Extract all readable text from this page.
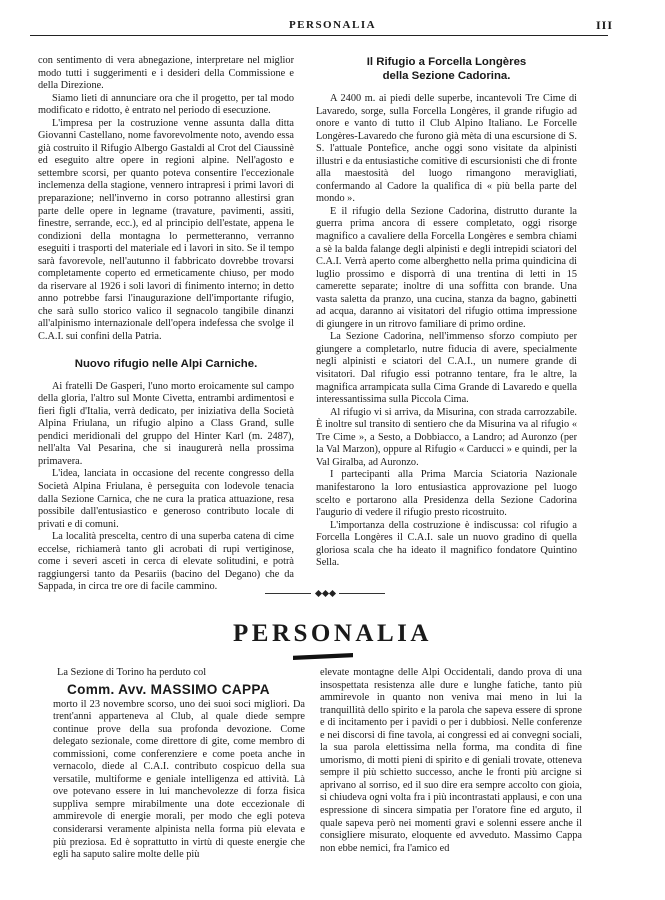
PERSONALIA	III

con sentimento di vera abnegazione, interpretare nel miglior modo tutti i suggerimenti e i desideri della Commissione e della Direzione.

Siamo lieti di annunciare ora che il progetto, per tal modo modificato e ridotto, è entrato nel periodo di esecuzione.

L'impresa per la costruzione venne assunta dalla ditta Giovanni Castellano, nome favorevolmente noto, avendo essa già costruito il Rifugio Albergo Gastaldi al Crot del Ciaussinè ed eseguito altre opere in regioni alpine. Nell'agosto e settembre scorsi, per quanto poteva consentire l'eccezionale inclemenza della stagione, vennero intrapresi i primi lavori di preparazione; nell'inverno in corso potranno allestirsi gran parte delle opere in legname (travature, pavimenti, assiti, finestre, serrande, ecc.), ed al principio dell'estate, appena le condizioni della montagna lo permetteranno, verranno eseguiti i trasporti del materiale ed i lavori in sito. Se il tempo sarà favorevole, nell'autunno il fabbricato dovrebbe trovarsi completamente coperto ed ermeticamente chiuso, per modo da riservare al 1926 i soli lavori di finimento interno; in detto anno potrebbe farsi l'inaugurazione dell'importante rifugio, che sarà sullo storico valico il segnacolo tangibile dinanzi all'alpinismo internazionale dell'opera indefessa che svolge il C.A.I. sui confini della Patria.

Nuovo rifugio nelle Alpi Carniche.

Ai fratelli De Gasperi, l'uno morto eroicamente sul campo della gloria, l'altro sul Monte Civetta, entrambi ardimentosi e fieri figli d'Italia, verrà dedicato, per iniziativa della Società Alpina Friulana, un rifugio alpino a Class Grand, sulle pendici meridionali del gruppo del Hinter Karl (m. 2487), nell'alta Val Pesarina, che si inaugurerà nella prossima primavera.

L'idea, lanciata in occasione del recente congresso della Società Alpina Friulana, è perseguita con lodevole tenacia dalla Sezione Carnica, che ne cura la pratica attuazione, resa possibile dall'entusiastico e generoso contributo locale di privati e di comuni.

La località prescelta, centro di una superba catena di cime eccelse, richiamerà tanto gli acrobati di rupi vertiginose, come i severi asceti in cerca di elevate solitudini, e potrà raggiungersi tanto da Pesariis (bacino del Degano) che da Sappada, in circa tre ore di facile cammino.

Il Rifugio a Forcella Longères
della Sezione Cadorina.

A 2400 m. ai piedi delle superbe, incantevoli Tre Cime di Lavaredo, sorge, sulla Forcella Longères, il grande rifugio ad onore e vanto di tutto il Club Alpino Italiano. Le Forcelle Longères-Lavaredo che furono già mèta di una escursione di S. S. l'attuale Pontefice, anche oggi sono visitate da alpinisti illustri e da entusiastiche comitive di escursionisti che di fronte alla maestosità del luogo rimangono meravigliati, confermando al Cadore la qualifica di « più bella parte del mondo ».

E il rifugio della Sezione Cadorina, distrutto durante la guerra prima ancora di essere completato, oggi risorge magnifico a cavaliere della Forcella Longères e sembra chiami a sè la balda falange degli alpinisti e degli intrepidi sciatori del C.A.I. Verrà aperto come alberghetto nella prima quindicina di luglio prossimo e disporrà di una trentina di letti in 15 camerette separate; inoltre di una soffitta con brande. Una vasta saletta da pranzo, una cucina, stanza da bagno, gabinetti ad acqua, daranno ai visitatori del rifugio ottima impressione di giungere in un ritrovo familiare di primo ordine.

La Sezione Cadorina, nell'immenso sforzo compiuto per giungere a completarlo, nutre fiducia di avere, specialmente negli alpinisti e sciatori del C.A.I., un numere grande di visitatori. Dal rifugio essi potranno tentare, fra le altre, la magnifica arrampicata sulla Cima Grande di Lavaredo e quella interessantissima sulla Piccola Cima.

Al rifugio vi si arriva, da Misurina, con strada carrozzabile. È inoltre sul transito di sentiero che da Misurina va al rifugio « Tre Cime », a Sesto, a Dobbiacco, a Landro; ad Auronzo (per la Val Marzon), oppure al Rifugio « Carducci » e quindi, per la Val Giralba, ad Auronzo.

I partecipanti alla Prima Marcia Sciatoria Nazionale manifestarono la loro entusiastica approvazione pel luogo scelto e portarono alla Presidenza della Sezione Cadorina l'augurio di vedere il rifugio presto ricostruito.

L'importanza della costruzione è indiscussa: col rifugio a Forcella Longères il C.A.I. sale un nuovo gradino di quella gloriosa scala che ha ideato il magnifico fondatore Quintino Sella.

PERSONALIA

La Sezione di Torino ha perduto col

Comm. Avv. MASSIMO CAPPA

morto il 23 novembre scorso, uno dei suoi soci migliori. Da trent'anni apparteneva al Club, al quale diede sempre continue prove della sua profonda devozione. Come delegato sezionale, come direttore di gite, come membro di commissioni, come conferenziere e come poeta anche in vernacolo, diede al C.A.I. contributo cospicuo della sua versatile, multiforme e geniale intelligenza ed attività. Là ove potevano essere in lui manchevolezze di forza fisica suppliva sempre mirabilmente una dote eccezionale di ammirevole di energie morali, per modo che egli poteva considerarsi veramente alpinista nella forma più elevata e più preziosa. Ed è soprattutto in virtù di queste energie che egli ha saputo salire molte delle più

elevate montagne delle Alpi Occidentali, dando prova di una insospettata resistenza alle dure e lunghe fatiche, tanto più ammirevole in quanto non veniva mai meno in lui la tranquillità dello spirito e la parola che sapeva essere di sprone e di incitamento per i pavidi o per i dubbiosi. Nelle conferenze e nei discorsi di fine tavola, ai congressi ed ai convegni sociali, la sua parola elettissima nella forma, ma condita di fine umorismo, di motti pieni di spirito e di geniali trovate, otteneva sempre il più schietto successo, anche le fronti più arcigne si aprivano al sorriso, ed il suo dire era sempre accolto con gioia, si chiudeva ogni volta fra i più incontrastati applausi, e con una espressione di sincera simpatia per l'oratore fine ed arguto, il quale sapeva però nei momenti gravi e solenni essere anche il consigliere misurato, eloquente ed avveduto. Massimo Cappa non ebbe nemici, fra l'amico ed
